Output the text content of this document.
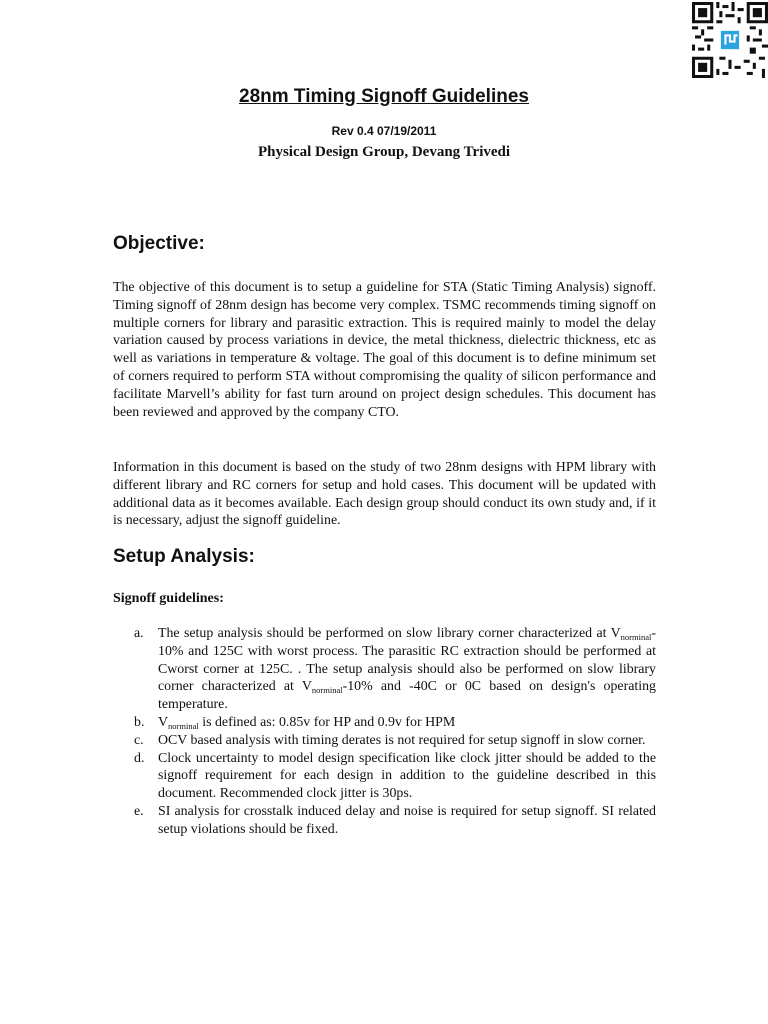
28nm Timing Signoff Guidelines
Rev 0.4 07/19/2011
Physical Design Group, Devang Trivedi
Objective:

The objective of this document is to setup a guideline for STA (Static Timing Analysis) signoff. Timing signoff of 28nm design has become very complex. TSMC recommends timing signoff on multiple corners for library and parasitic extraction. This is required mainly to model the delay variation caused by process variations in device, the metal thickness, dielectric thickness, etc as well as variations in temperature & voltage. The goal of this document is to define minimum set of corners required to perform STA without compromising the quality of silicon performance and facilitate Marvell’s ability for fast turn around on project design schedules. This document has been reviewed and approved by the company CTO.

Information in this document is based on the study of two 28nm designs with HPM library with different library and RC corners for setup and hold cases. This document will be updated with additional data as it becomes available. Each design group should conduct its own study and, if it is necessary, adjust the signoff guideline.

Setup Analysis:
Signoff guidelines:
a. The setup analysis should be performed on slow library corner characterized at $V_{norminal}-10\%$ and 125C with worst process. The parasitic RC extraction should be performed at Cworst corner at 125C. . The setup analysis should also be performed on slow library corner characterized at $V_{norminal}-10\%$ and -40C or 0C based on design's operating temperature.
b. $V_{norminal}$ is defined as: 0.85v for HP and 0.9v for HPM
c. OCV based analysis with timing derates is not required for setup signoff in slow corner.
d. Clock uncertainty to model design specification like clock jitter should be added to the signoff requirement for each design in addition to the guideline described in this document. Recommended clock jitter is 30ps.
e. SI analysis for crosstalk induced delay and noise is required for setup signoff. SI related setup violations should be fixed.
